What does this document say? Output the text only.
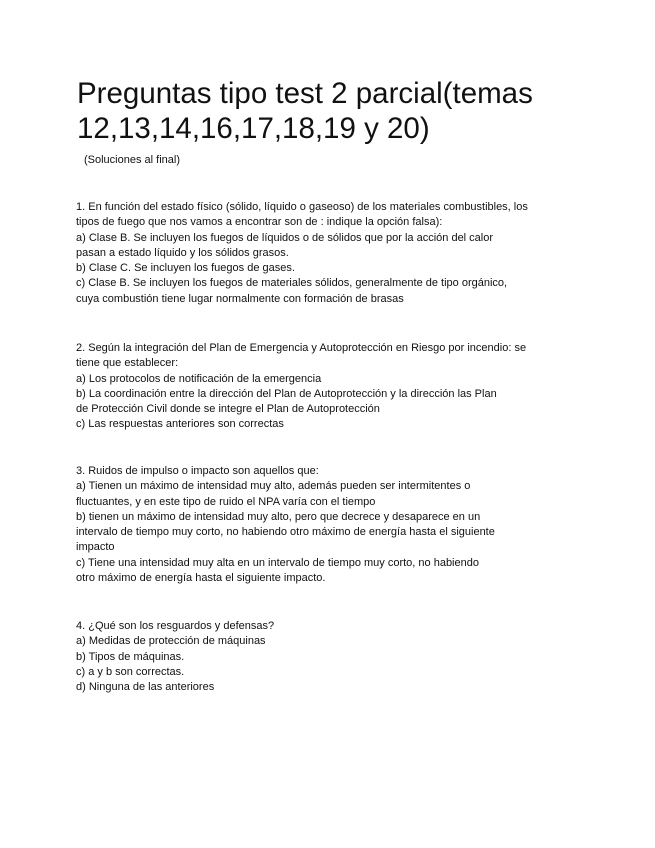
Preguntas tipo test 2 parcial(temas
12,13,14,16,17,18,19 y 20)
(Soluciones al final)
1. En función del estado físico (sólido, líquido o gaseoso) de los materiales combustibles, los
tipos de fuego que nos vamos a encontrar son de : indique la opción falsa):
a) Clase B. Se incluyen los fuegos de líquidos o de sólidos que por la acción del calor
pasan a estado líquido y los sólidos grasos.
b) Clase C. Se incluyen los fuegos de gases.
c) Clase B. Se incluyen los fuegos de materiales sólidos, generalmente de tipo orgánico,
cuya combustión tiene lugar normalmente con formación de brasas
2. Según la integración del Plan de Emergencia y Autoprotección en Riesgo por incendio: se
tiene que establecer:
a) Los protocolos de notificación de la emergencia
b) La coordinación entre la dirección del Plan de Autoprotección y la dirección las Plan
de Protección Civil donde se integre el Plan de Autoprotección
c) Las respuestas anteriores son correctas
3. Ruidos de impulso o impacto son aquellos que:
a) Tienen un máximo de intensidad muy alto, además pueden ser intermitentes o
fluctuantes, y en este tipo de ruido el NPA varía con el tiempo
b) tienen un máximo de intensidad muy alto, pero que decrece y desaparece en un
intervalo de tiempo muy corto, no habiendo otro máximo de energía hasta el siguiente
impacto
c) Tiene una intensidad muy alta en un intervalo de tiempo muy corto, no habiendo
otro máximo de energía hasta el siguiente impacto.
4. ¿Qué son los resguardos y defensas?
a) Medidas de protección de máquinas
b) Tipos de máquinas.
c) a y b son correctas.
d) Ninguna de las anteriores
